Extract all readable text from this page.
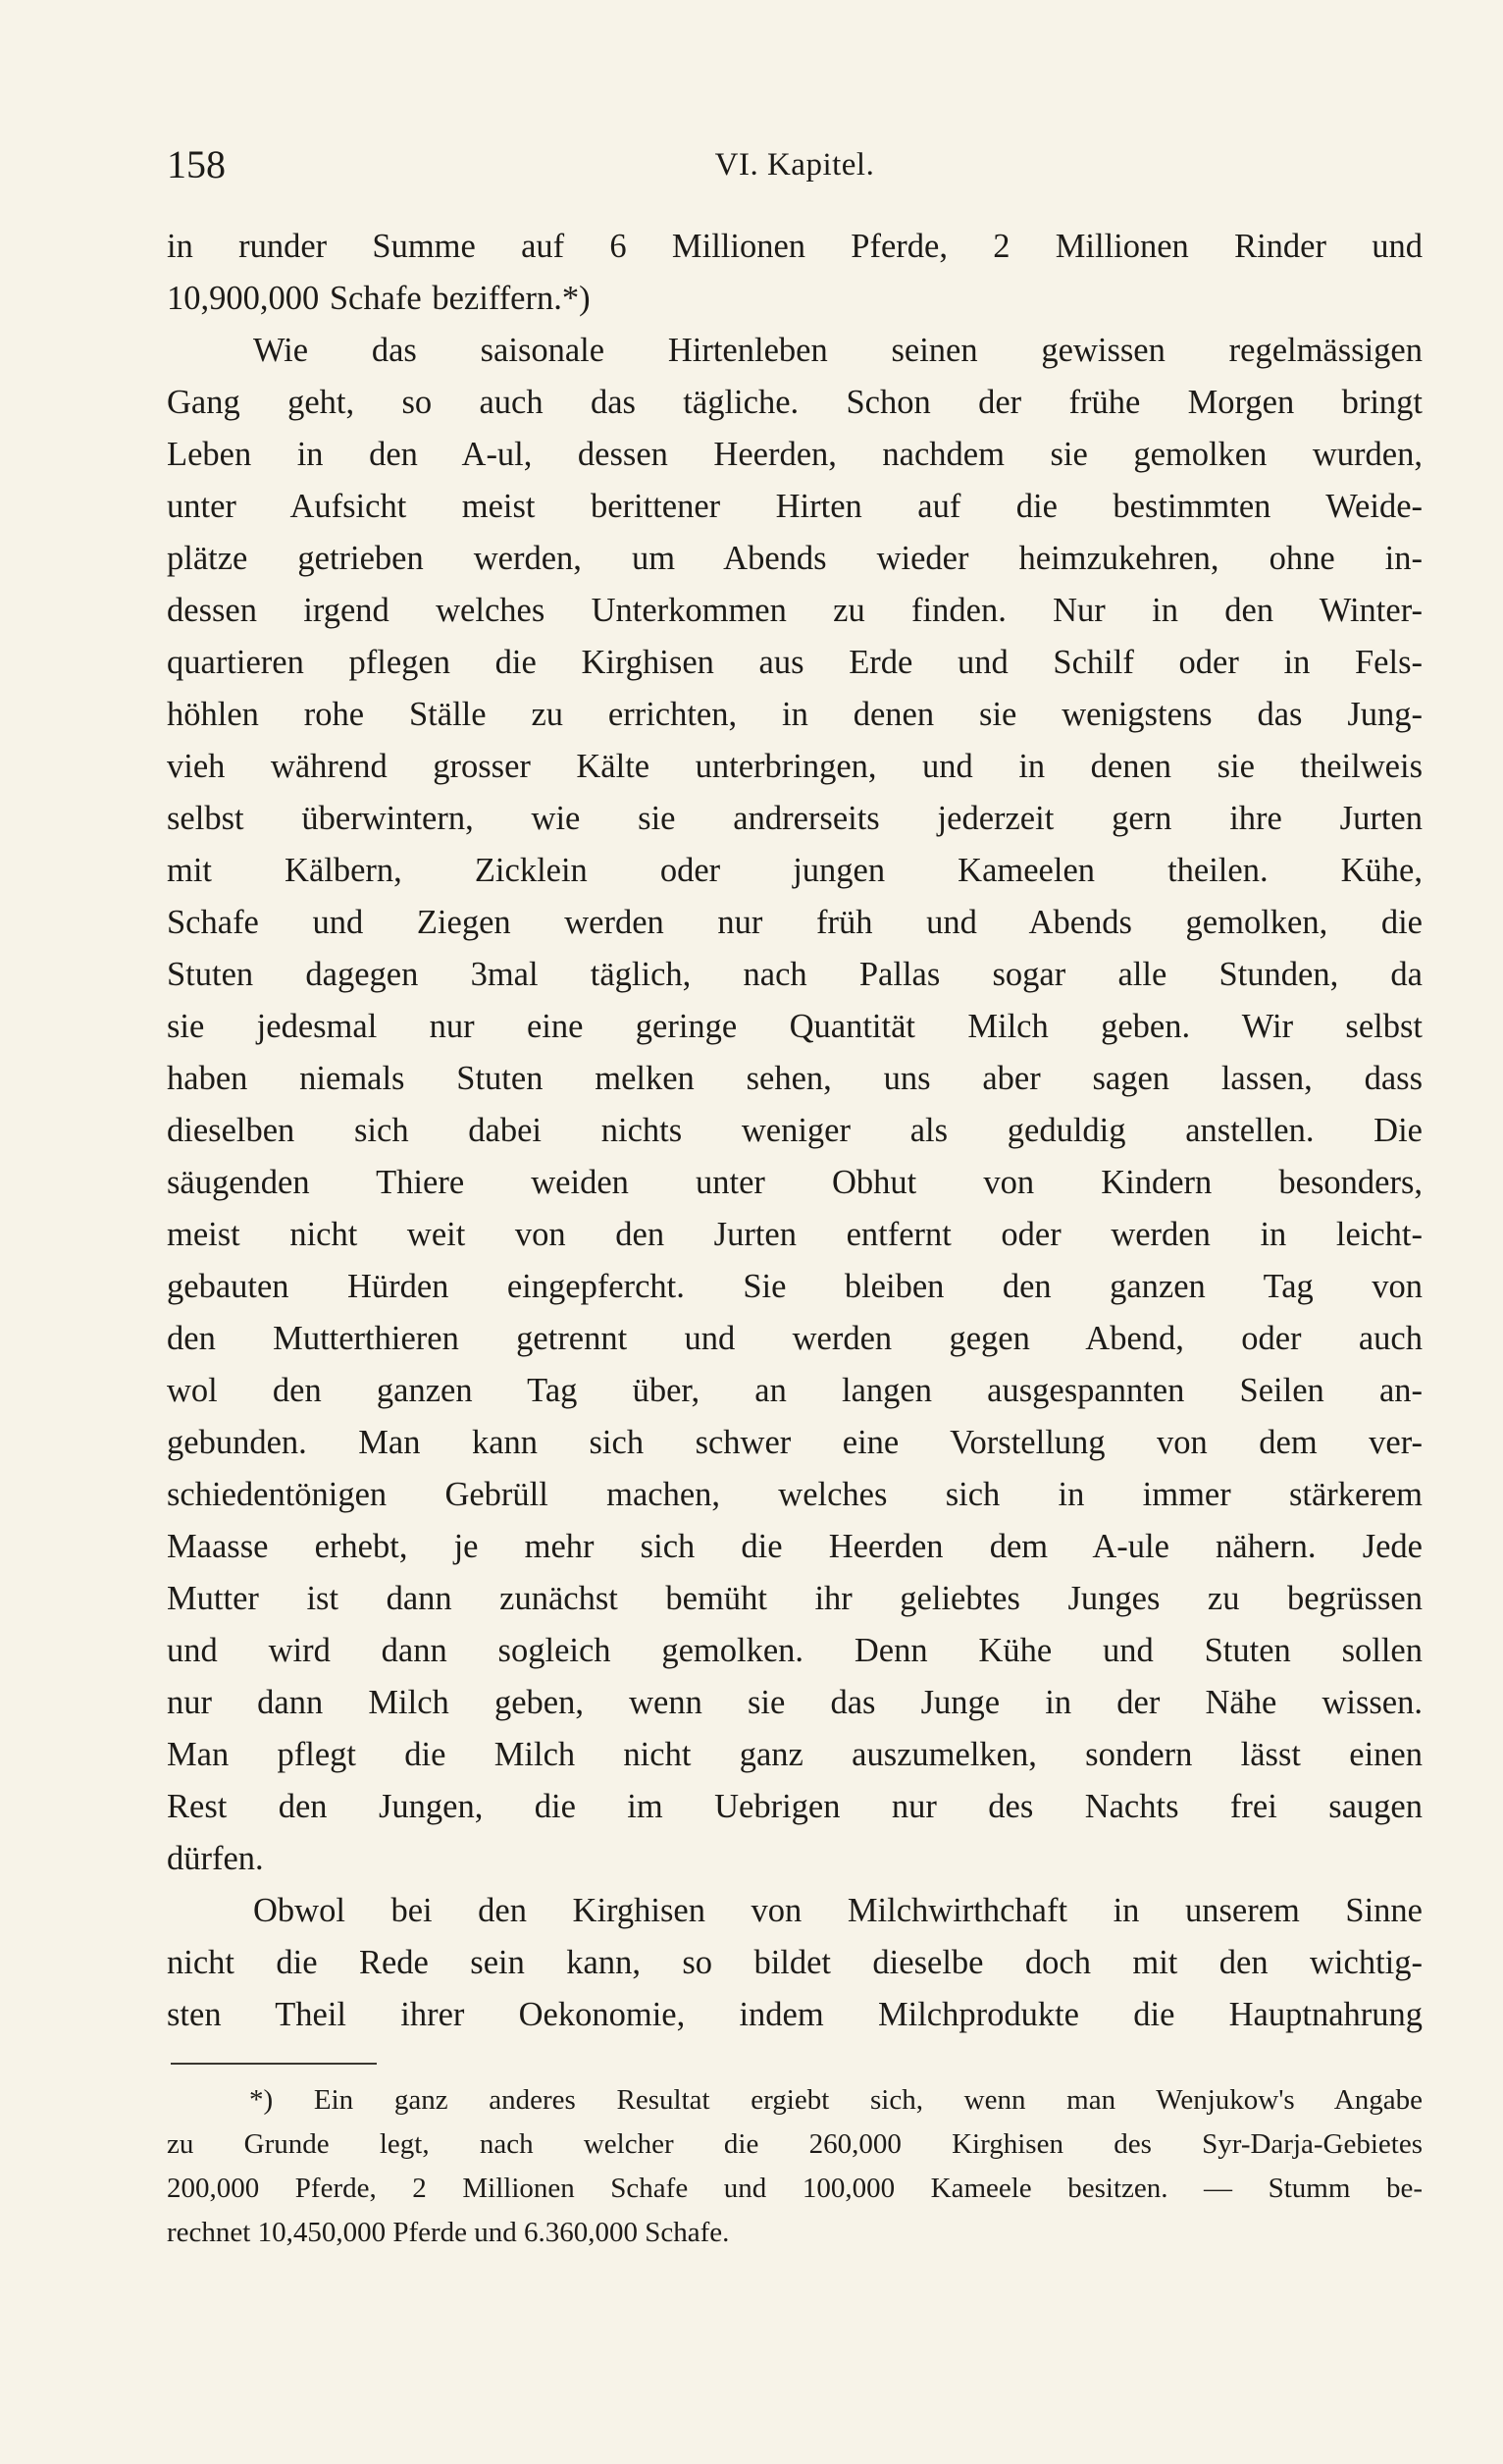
158	VI. Kapitel.
in runder Summe auf 6 Millionen Pferde, 2 Millionen Rinder und
10,900,000 Schafe beziffern.*)
Wie das saisonale Hirtenleben seinen gewissen regelmässigen
Gang geht, so auch das tägliche. Schon der frühe Morgen bringt
Leben in den A-ul, dessen Heerden, nachdem sie gemolken wurden,
unter Aufsicht meist berittener Hirten auf die bestimmten Weide-
plätze getrieben werden, um Abends wieder heimzukehren, ohne in-
dessen irgend welches Unterkommen zu finden. Nur in den Winter-
quartieren pflegen die Kirghisen aus Erde und Schilf oder in Fels-
höhlen rohe Ställe zu errichten, in denen sie wenigstens das Jung-
vieh während grosser Kälte unterbringen, und in denen sie theilweis
selbst überwintern, wie sie andrerseits jederzeit gern ihre Jurten
mit Kälbern, Zicklein oder jungen Kameelen theilen. Kühe,
Schafe und Ziegen werden nur früh und Abends gemolken, die
Stuten dagegen 3mal täglich, nach Pallas sogar alle Stunden, da
sie jedesmal nur eine geringe Quantität Milch geben. Wir selbst
haben niemals Stuten melken sehen, uns aber sagen lassen, dass
dieselben sich dabei nichts weniger als geduldig anstellen. Die
säugenden Thiere weiden unter Obhut von Kindern besonders,
meist nicht weit von den Jurten entfernt oder werden in leicht-
gebauten Hürden eingepfercht. Sie bleiben den ganzen Tag von
den Mutterthieren getrennt und werden gegen Abend, oder auch
wol den ganzen Tag über, an langen ausgespannten Seilen an-
gebunden. Man kann sich schwer eine Vorstellung von dem ver-
schiedentönigen Gebrüll machen, welches sich in immer stärkerem
Maasse erhebt, je mehr sich die Heerden dem A-ule nähern. Jede
Mutter ist dann zunächst bemüht ihr geliebtes Junges zu begrüssen
und wird dann sogleich gemolken. Denn Kühe und Stuten sollen
nur dann Milch geben, wenn sie das Junge in der Nähe wissen.
Man pflegt die Milch nicht ganz auszumelken, sondern lässt einen
Rest den Jungen, die im Uebrigen nur des Nachts frei saugen
dürfen.
Obwol bei den Kirghisen von Milchwirthchaft in unserem Sinne
nicht die Rede sein kann, so bildet dieselbe doch mit den wichtig-
sten Theil ihrer Oekonomie, indem Milchprodukte die Hauptnahrung
*) Ein ganz anderes Resultat ergiebt sich, wenn man Wenjukow's Angabe
zu Grunde legt, nach welcher die 260,000 Kirghisen des Syr-Darja-Gebietes
200,000 Pferde, 2 Millionen Schafe und 100,000 Kameele besitzen. — Stumm be-
rechnet 10,450,000 Pferde und 6.360,000 Schafe.
